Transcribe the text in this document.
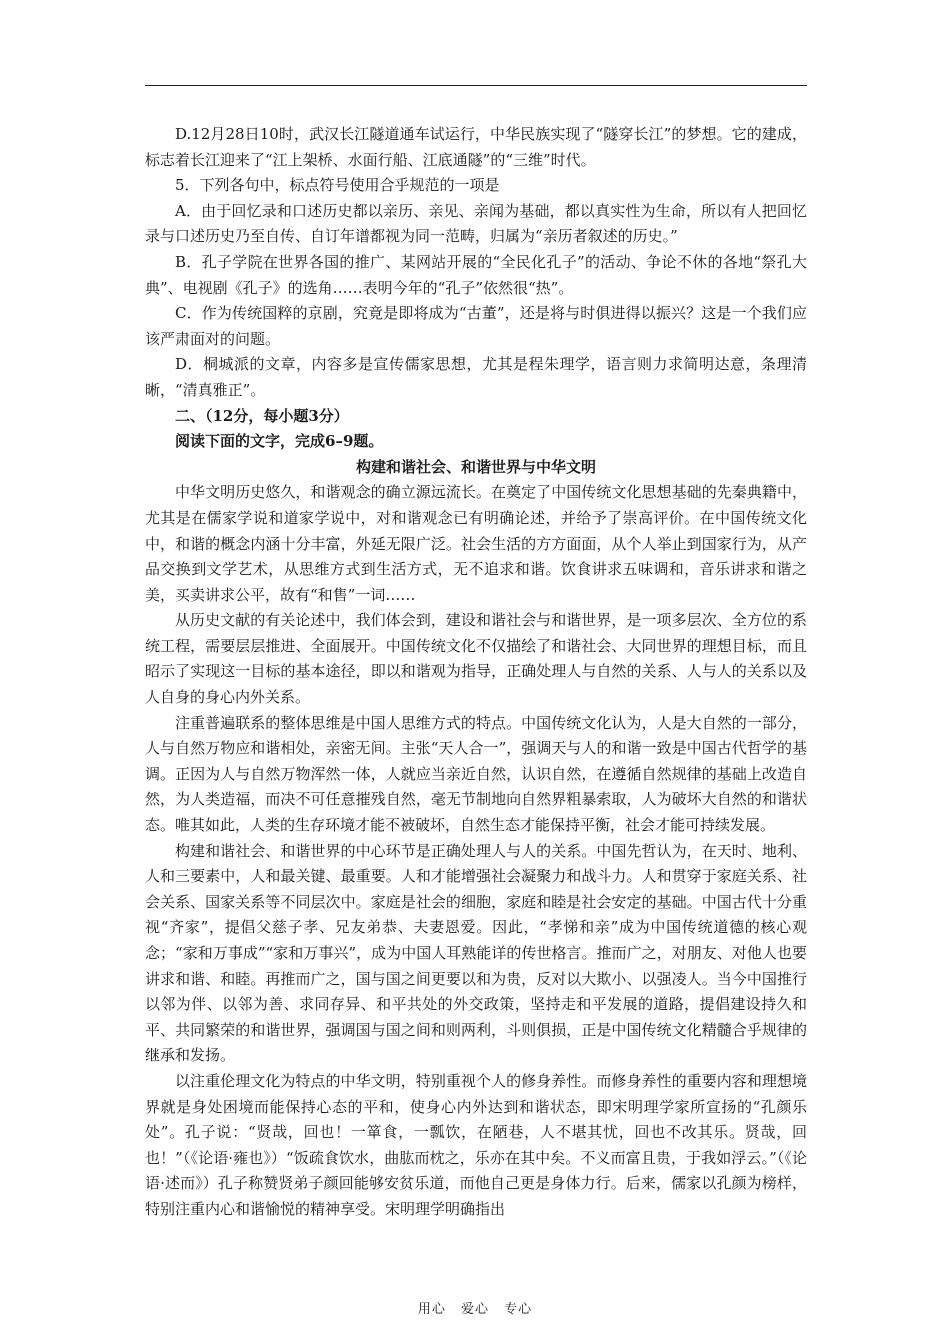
D.12月28日10时，武汉长江隧道通车试运行，中华民族实现了“隧穿长江”的梦想。它的建成，标志着长江迎来了“江上架桥、水面行船、江底通隧”的“三维”时代。

5．下列各句中，标点符号使用合乎规范的一项是

A．由于回忆录和口述历史都以亲历、亲见、亲闻为基础，都以真实性为生命，所以有人把回忆录与口述历史乃至自传、自订年谱都视为同一范畴，归属为“亲历者叙述的历史。”

B．孔子学院在世界各国的推广、某网站开展的“全民化孔子”的活动、争论不休的各地“祭孔大典”、电视剧《孔子》的选角……表明今年的“孔子”依然很“热”。

C．作为传统国粹的京剧，究竟是即将成为“古董”，还是将与时俱进得以振兴？这是一个我们应该严肃面对的问题。

D．桐城派的文章，内容多是宣传儒家思想，尤其是程朱理学，语言则力求简明达意，条理清晰，“清真雅正”。

二、（12分，每小题3分）

阅读下面的文字，完成6–9题。

构建和谐社会、和谐世界与中华文明

中华文明历史悠久，和谐观念的确立源远流长。在奠定了中国传统文化思想基础的先秦典籍中，尤其是在儒家学说和道家学说中，对和谐观念已有明确论述，并给予了崇高评价。在中国传统文化中，和谐的概念内涵十分丰富，外延无限广泛。社会生活的方方面面，从个人举止到国家行为，从产品交换到文学艺术，从思维方式到生活方式，无不追求和谐。饮食讲求五味调和，音乐讲求和谐之美，买卖讲求公平，故有“和售”一词……

从历史文献的有关论述中，我们体会到，建设和谐社会与和谐世界，是一项多层次、全方位的系统工程，需要层层推进、全面展开。中国传统文化不仅描绘了和谐社会、大同世界的理想目标，而且昭示了实现这一目标的基本途径，即以和谐观为指导，正确处理人与自然的关系、人与人的关系以及人自身的身心内外关系。

注重普遍联系的整体思维是中国人思维方式的特点。中国传统文化认为，人是大自然的一部分，人与自然万物应和谐相处，亲密无间。主张“天人合一”，强调天与人的和谐一致是中国古代哲学的基调。正因为人与自然万物浑然一体，人就应当亲近自然，认识自然，在遵循自然规律的基础上改造自然，为人类造福，而决不可任意摧残自然，毫无节制地向自然界粗暴索取，人为破坏大自然的和谐状态。唯其如此，人类的生存环境才能不被破坏，自然生态才能保持平衡，社会才能可持续发展。

构建和谐社会、和谐世界的中心环节是正确处理人与人的关系。中国先哲认为，在天时、地利、人和三要素中，人和最关键、最重要。人和才能增强社会凝聚力和战斗力。人和贯穿于家庭关系、社会关系、国家关系等不同层次中。家庭是社会的细胞，家庭和睦是社会安定的基础。中国古代十分重视“齐家”，提倡父慈子孝、兄友弟恭、夫妻恩爱。因此，“孝悌和亲”成为中国传统道德的核心观念；“家和万事成”“家和万事兴”，成为中国人耳熟能详的传世格言。推而广之，对朋友、对他人也要讲求和谐、和睦。再推而广之，国与国之间更要以和为贵，反对以大欺小、以强凌人。当今中国推行以邻为伴、以邻为善、求同存异、和平共处的外交政策，坚持走和平发展的道路，提倡建设持久和平、共同繁荣的和谐世界，强调国与国之间和则两利，斗则俱损，正是中国传统文化精髓合乎规律的继承和发扬。

以注重伦理文化为特点的中华文明，特别重视个人的修身养性。而修身养性的重要内容和理想境界就是身处困境而能保持心态的平和，使身心内外达到和谐状态，即宋明理学家所宣扬的“孔颜乐处”。孔子说：“贤哉，回也！一箪食，一瓢饮，在陋巷，人不堪其忧，回也不改其乐。贤哉，回也！”（《论语·雍也》）“饭疏食饮水，曲肱而枕之，乐亦在其中矣。不义而富且贵，于我如浮云。”（《论语·述而》）孔子称赞贤弟子颜回能够安贫乐道，而他自己更是身体力行。后来，儒家以孔颜为榜样，特别注重内心和谐愉悦的精神享受。宋明理学明确指出

用心 爱心 专心
